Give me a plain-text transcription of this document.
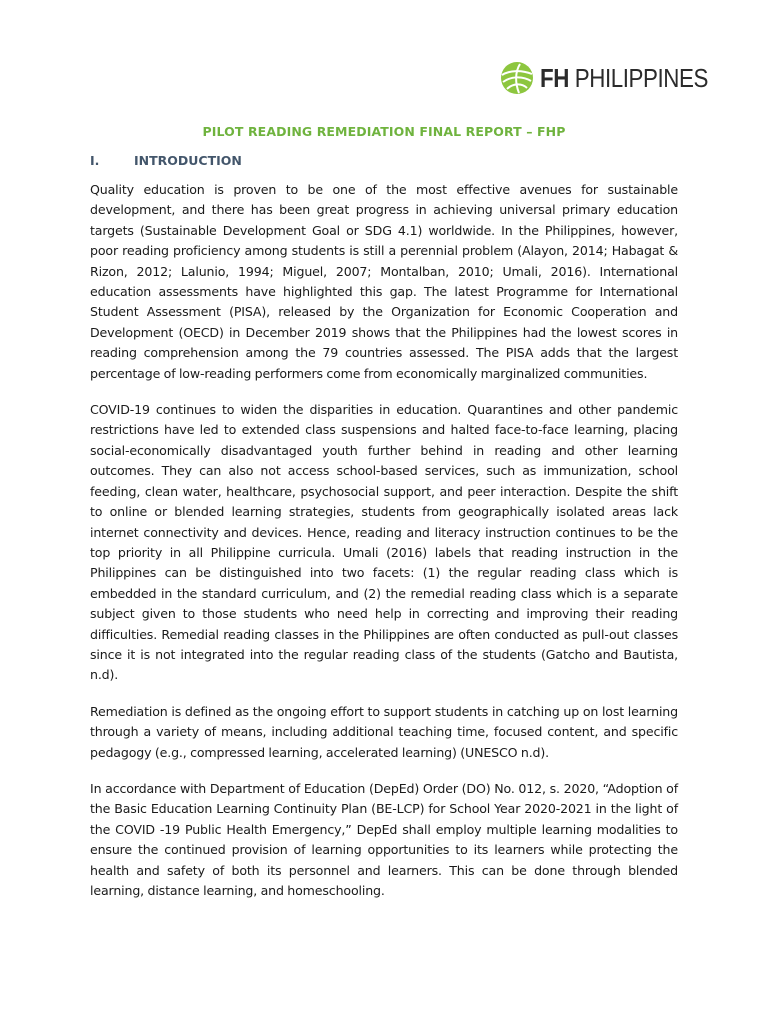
FH PHILIPPINES
PILOT READING REMEDIATION FINAL REPORT – FHP
I.	INTRODUCTION

Quality education is proven to be one of the most effective avenues for sustainable development, and there has been great progress in achieving universal primary education targets (Sustainable Development Goal or SDG 4.1) worldwide. In the Philippines, however, poor reading proficiency among students is still a perennial problem (Alayon, 2014; Habagat & Rizon, 2012; Lalunio, 1994; Miguel, 2007; Montalban, 2010; Umali, 2016). International education assessments have highlighted this gap. The latest Programme for International Student Assessment (PISA), released by the Organization for Economic Cooperation and Development (OECD) in December 2019 shows that the Philippines had the lowest scores in reading comprehension among the 79 countries assessed. The PISA adds that the largest percentage of low-reading performers come from economically marginalized communities.

COVID-19 continues to widen the disparities in education. Quarantines and other pandemic restrictions have led to extended class suspensions and halted face-to-face learning, placing social-economically disadvantaged youth further behind in reading and other learning outcomes. They can also not access school-based services, such as immunization, school feeding, clean water, healthcare, psychosocial support, and peer interaction. Despite the shift to online or blended learning strategies, students from geographically isolated areas lack internet connectivity and devices. Hence, reading and literacy instruction continues to be the top priority in all Philippine curricula. Umali (2016) labels that reading instruction in the Philippines can be distinguished into two facets: (1) the regular reading class which is embedded in the standard curriculum, and (2) the remedial reading class which is a separate subject given to those students who need help in correcting and improving their reading difficulties. Remedial reading classes in the Philippines are often conducted as pull-out classes since it is not integrated into the regular reading class of the students (Gatcho and Bautista, n.d).

Remediation is defined as the ongoing effort to support students in catching up on lost learning through a variety of means, including additional teaching time, focused content, and specific pedagogy (e.g., compressed learning, accelerated learning) (UNESCO n.d).

In accordance with Department of Education (DepEd) Order (DO) No. 012, s. 2020, “Adoption of the Basic Education Learning Continuity Plan (BE-LCP) for School Year 2020-2021 in the light of the COVID -19 Public Health Emergency,” DepEd shall employ multiple learning modalities to ensure the continued provision of learning opportunities to its learners while protecting the health and safety of both its personnel and learners. This can be done through blended learning, distance learning, and homeschooling.
